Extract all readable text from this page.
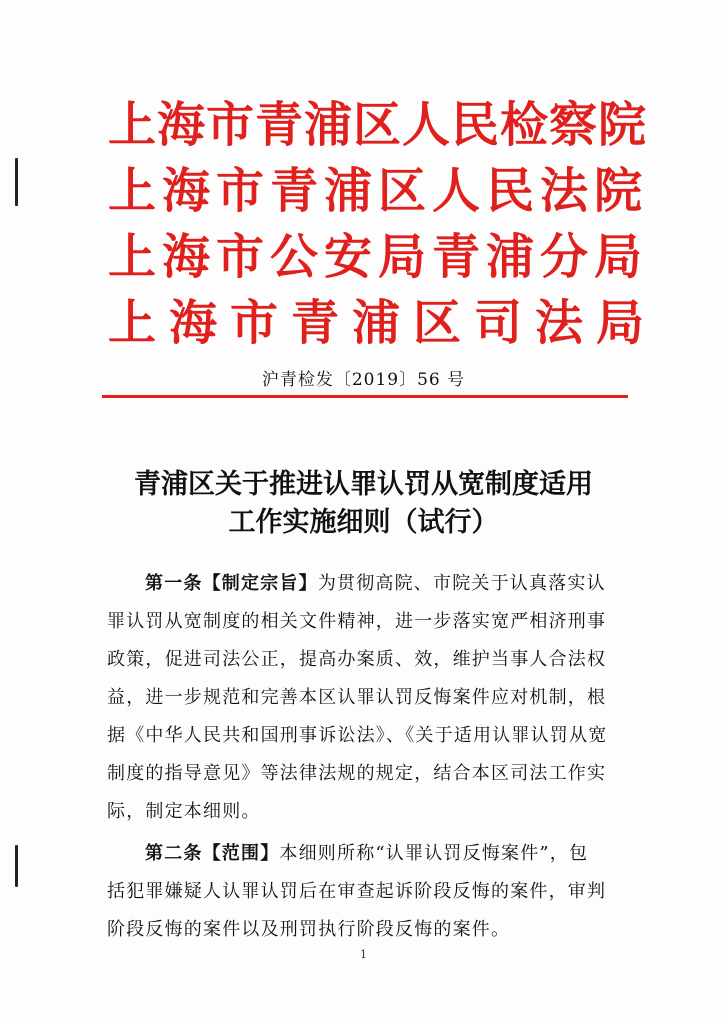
上海市青浦区人民检察院
上海市青浦区人民法院
上海市公安局青浦分局
上海市青浦区司法局
沪青检发〔2019〕56 号
青浦区关于推进认罪认罚从宽制度适用
工作实施细则（试行）
第一条【制定宗旨】为贯彻高院、市院关于认真落实认
罪认罚从宽制度的相关文件精神，进一步落实宽严相济刑事
政策，促进司法公正，提高办案质、效，维护当事人合法权
益，进一步规范和完善本区认罪认罚反悔案件应对机制，根
据《中华人民共和国刑事诉讼法》、《关于适用认罪认罚从宽
制度的指导意见》等法律法规的规定，结合本区司法工作实
际，制定本细则。
第二条【范围】本细则所称“认罪认罚反悔案件”，包
括犯罪嫌疑人认罪认罚后在审查起诉阶段反悔的案件，审判
阶段反悔的案件以及刑罚执行阶段反悔的案件。
1
